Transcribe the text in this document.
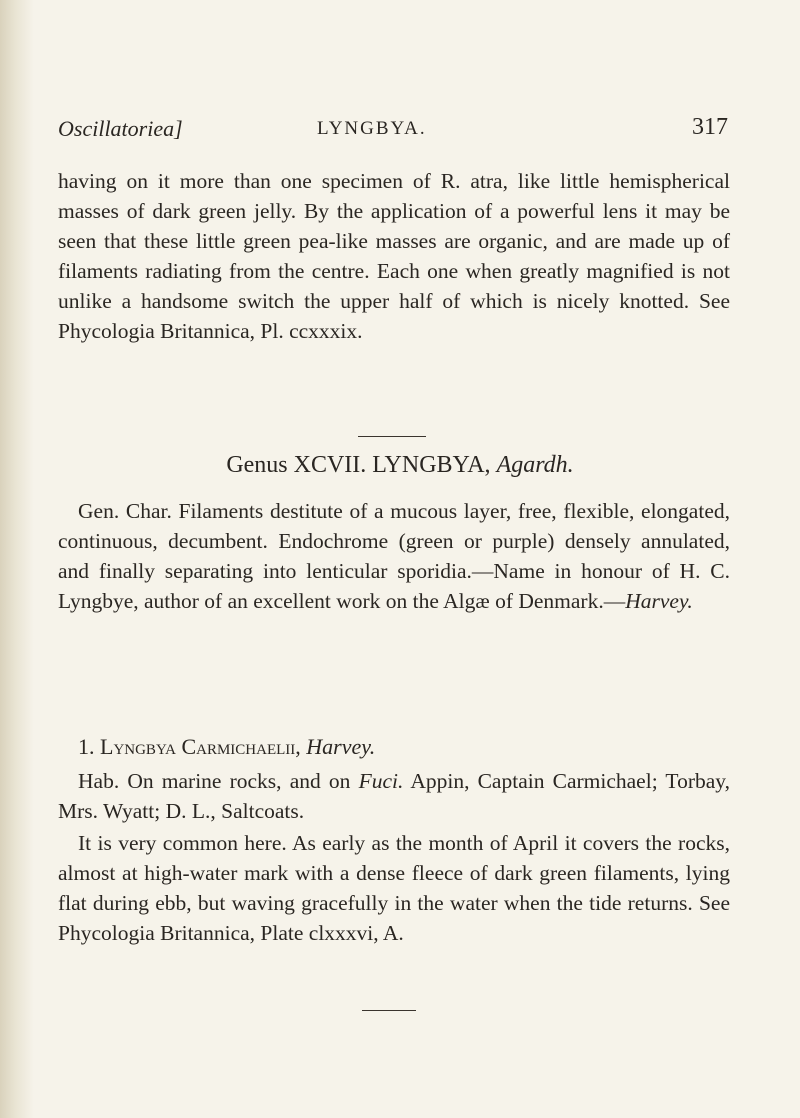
Oscillatoriea]	LYNGBYA.	317

having on it more than one specimen of R. atra, like little hemispherical masses of dark green jelly. By the application of a powerful lens it may be seen that these little green pea-like masses are organic, and are made up of filaments radiating from the centre. Each one when greatly magnified is not unlike a handsome switch the upper half of which is nicely knotted. See Phycologia Britannica, Pl. ccxxxix.

Genus XCVII. LYNGBYA, Agardh.

Gen. Char. Filaments destitute of a mucous layer, free, flexible, elongated, continuous, decumbent. Endochrome (green or purple) densely annulated, and finally separating into lenticular sporidia.—Name in honour of H. C. Lyngbye, author of an excellent work on the Algæ of Denmark.—Harvey.

1. Lyngbya Carmichaelii, Harvey.

Hab. On marine rocks, and on Fuci. Appin, Captain Carmichael; Torbay, Mrs. Wyatt; D. L., Saltcoats.

It is very common here. As early as the month of April it covers the rocks, almost at high-water mark with a dense fleece of dark green filaments, lying flat during ebb, but waving gracefully in the water when the tide returns. See Phycologia Britannica, Plate clxxxvi, A.
